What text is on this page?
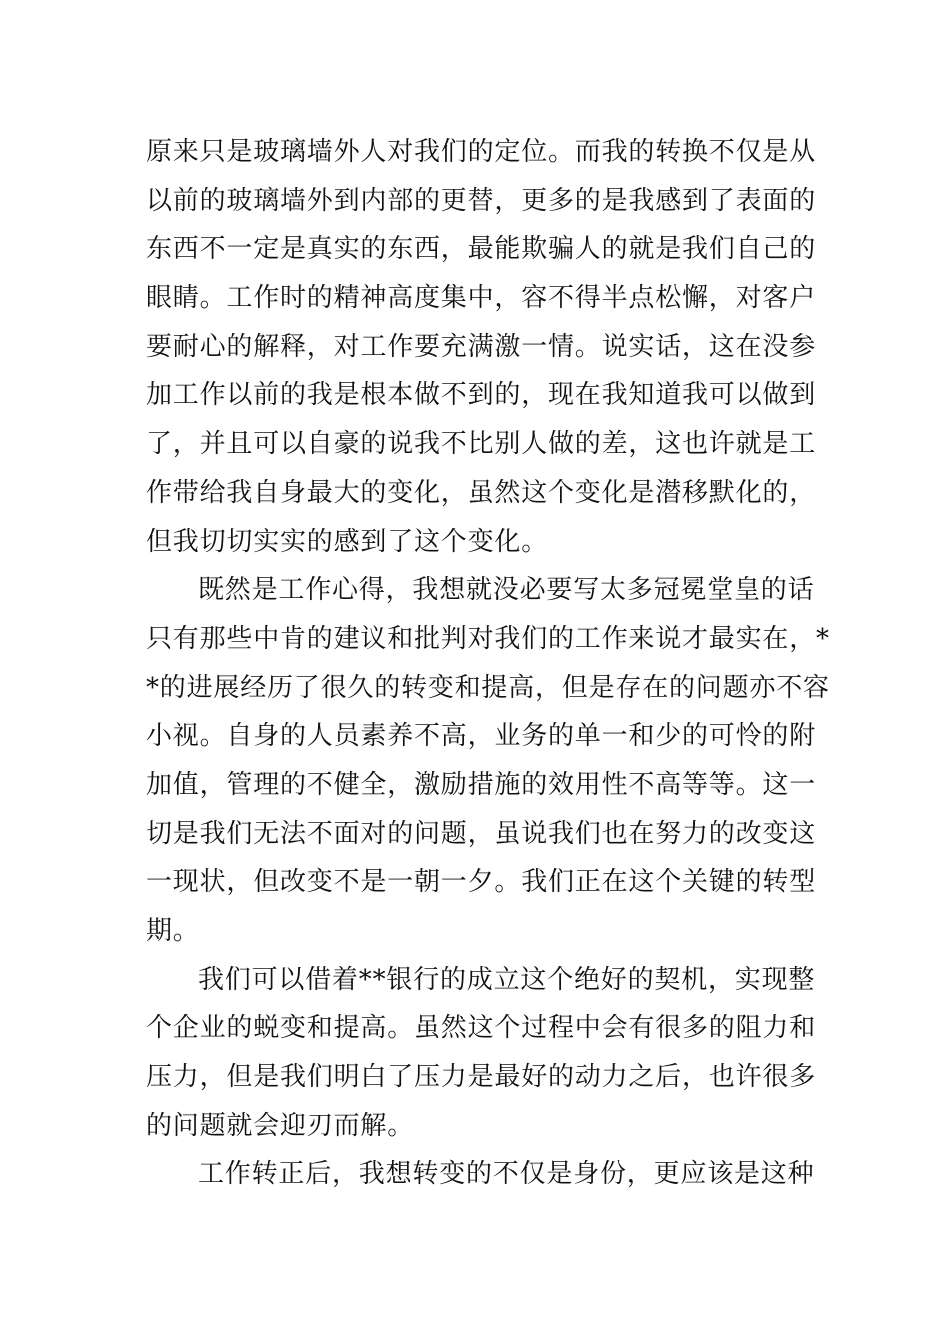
原来只是玻璃墙外人对我们的定位。而我的转换不仅是从
以前的玻璃墙外到内部的更替，更多的是我感到了表面的
东西不一定是真实的东西，最能欺骗人的就是我们自己的
眼睛。工作时的精神高度集中，容不得半点松懈，对客户
要耐心的解释，对工作要充满激一情。说实话，这在没参
加工作以前的我是根本做不到的，现在我知道我可以做到
了，并且可以自豪的说我不比别人做的差，这也许就是工
作带给我自身最大的变化，虽然这个变化是潜移默化的，
但我切切实实的感到了这个变化。
既然是工作心得，我想就没必要写太多冠冕堂皇的话
只有那些中肯的建议和批判对我们的工作来说才最实在，*
*的进展经历了很久的转变和提高，但是存在的问题亦不容
小视。自身的人员素养不高，业务的单一和少的可怜的附
加值，管理的不健全，激励措施的效用性不高等等。这一
切是我们无法不面对的问题，虽说我们也在努力的改变这
一现状，但改变不是一朝一夕。我们正在这个关键的转型
期。
我们可以借着**银行的成立这个绝好的契机，实现整
个企业的蜕变和提高。虽然这个过程中会有很多的阻力和
压力，但是我们明白了压力是最好的动力之后，也许很多
的问题就会迎刃而解。
工作转正后，我想转变的不仅是身份，更应该是这种
